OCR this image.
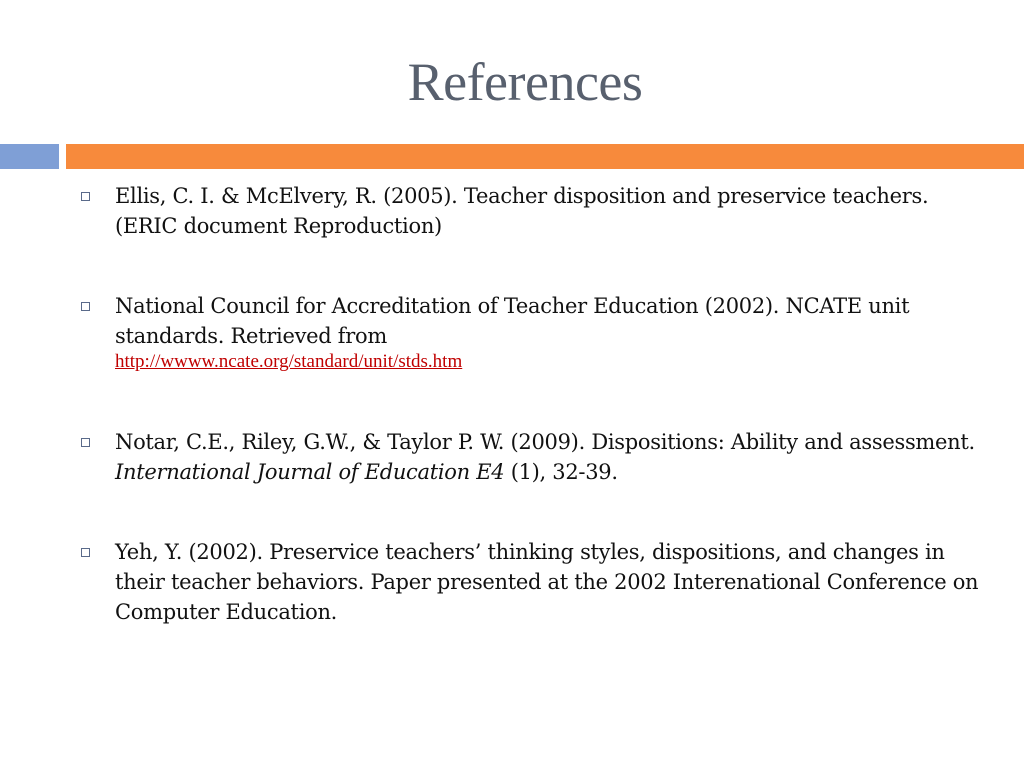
References
Ellis, C. I. & McElvery, R. (2005). Teacher disposition and preservice teachers. (ERIC document Reproduction)
National Council for Accreditation of Teacher Education (2002). NCATE unit standards. Retrieved from
http://wwww.ncate.org/standard/unit/stds.htm
Notar, C.E., Riley, G.W., & Taylor P. W. (2009). Dispositions: Ability and assessment. International Journal of Education E4 (1), 32-39.
Yeh, Y. (2002). Preservice teachers’ thinking styles, dispositions, and changes in their teacher behaviors. Paper presented at the 2002 Interenational Conference on Computer Education.
